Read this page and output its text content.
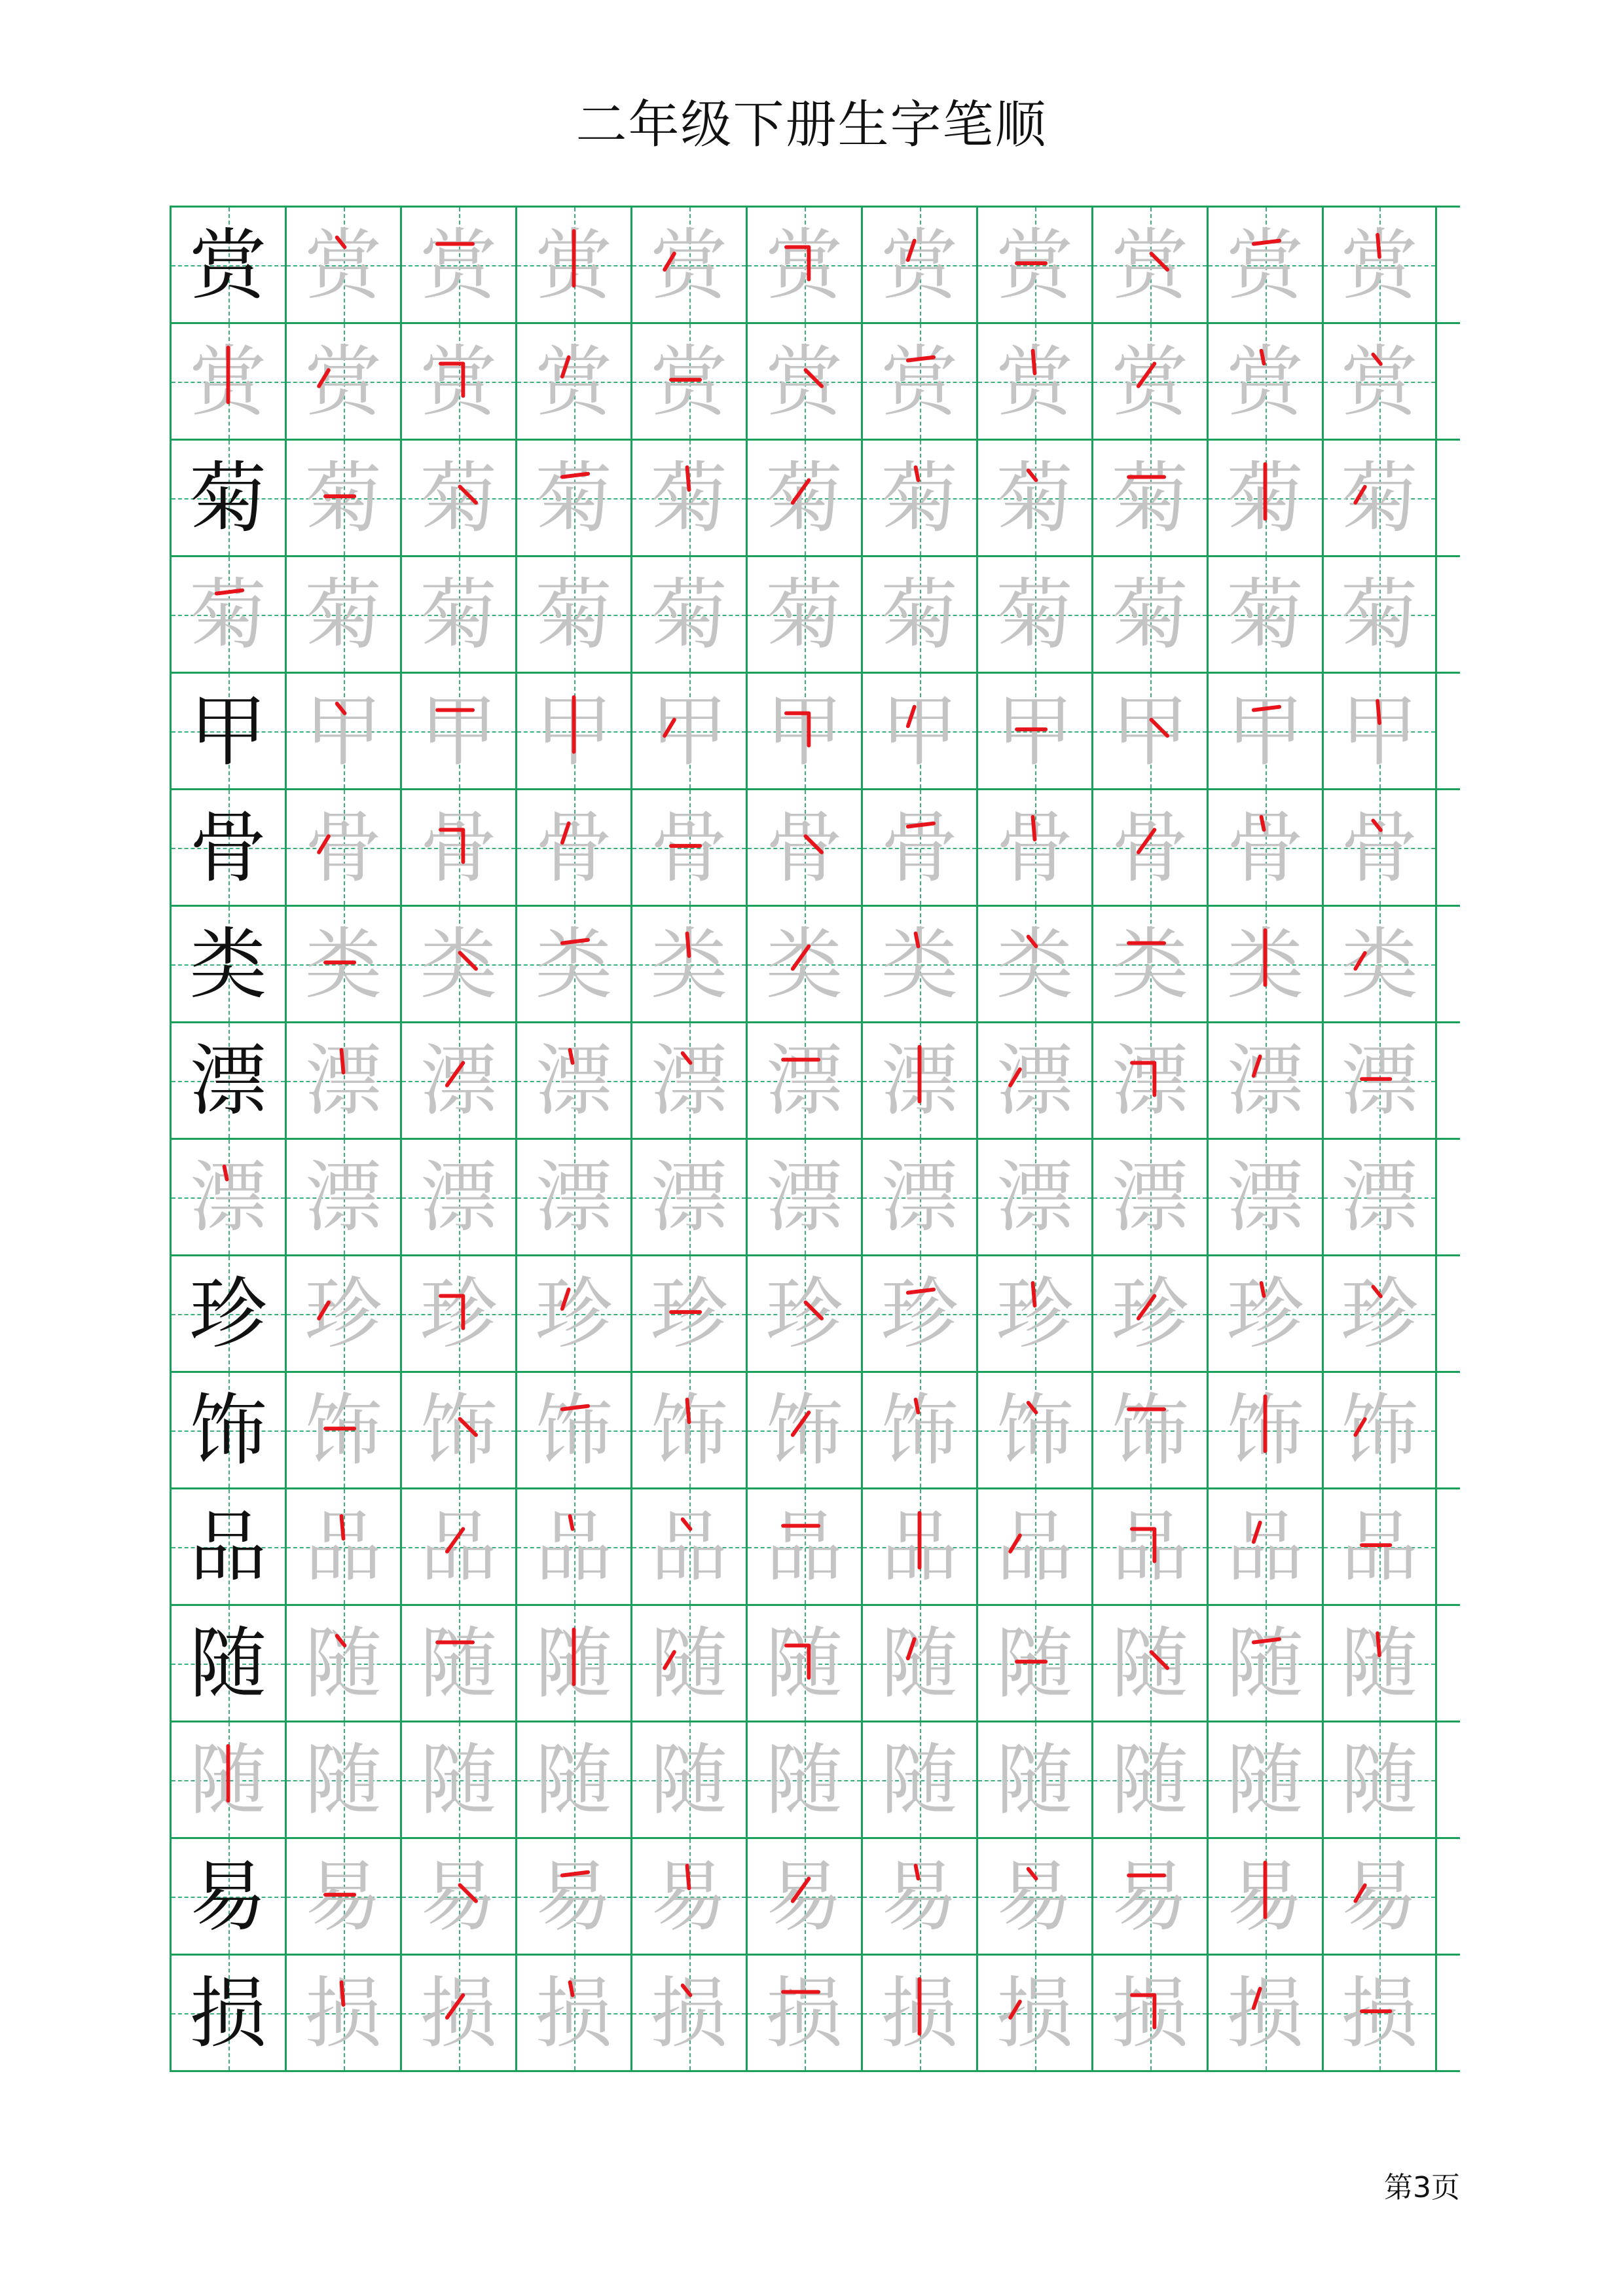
二年级下册生字笔顺
赏 赏 赏 赏 赏 赏 赏 赏 赏 赏 赏
赏 赏 赏 赏 赏 赏 赏 赏 赏 赏 赏
菊 菊 菊 菊 菊 菊 菊 菊 菊 菊 菊
菊 菊 菊 菊 菊 菊 菊 菊 菊 菊 菊
甲 甲 甲 甲 甲 甲 甲 甲 甲 甲 甲
骨 骨 骨 骨 骨 骨 骨 骨 骨 骨 骨
类 类 类 类 类 类 类 类 类 类 类
漂 漂 漂 漂 漂 漂 漂 漂 漂 漂 漂
漂 漂 漂 漂 漂 漂 漂 漂 漂 漂 漂
珍 珍 珍 珍 珍 珍 珍 珍 珍 珍 珍
饰 饰 饰 饰 饰 饰 饰 饰 饰 饰 饰
品 品 品 品 品 品 品 品 品 品 品
随 随 随 随 随 随 随 随 随 随 随
随 随 随 随 随 随 随 随 随 随 随
易 易 易 易 易 易 易 易 易 易 易
损 损 损 损 损 损 损 损 损 损 损
第3页
